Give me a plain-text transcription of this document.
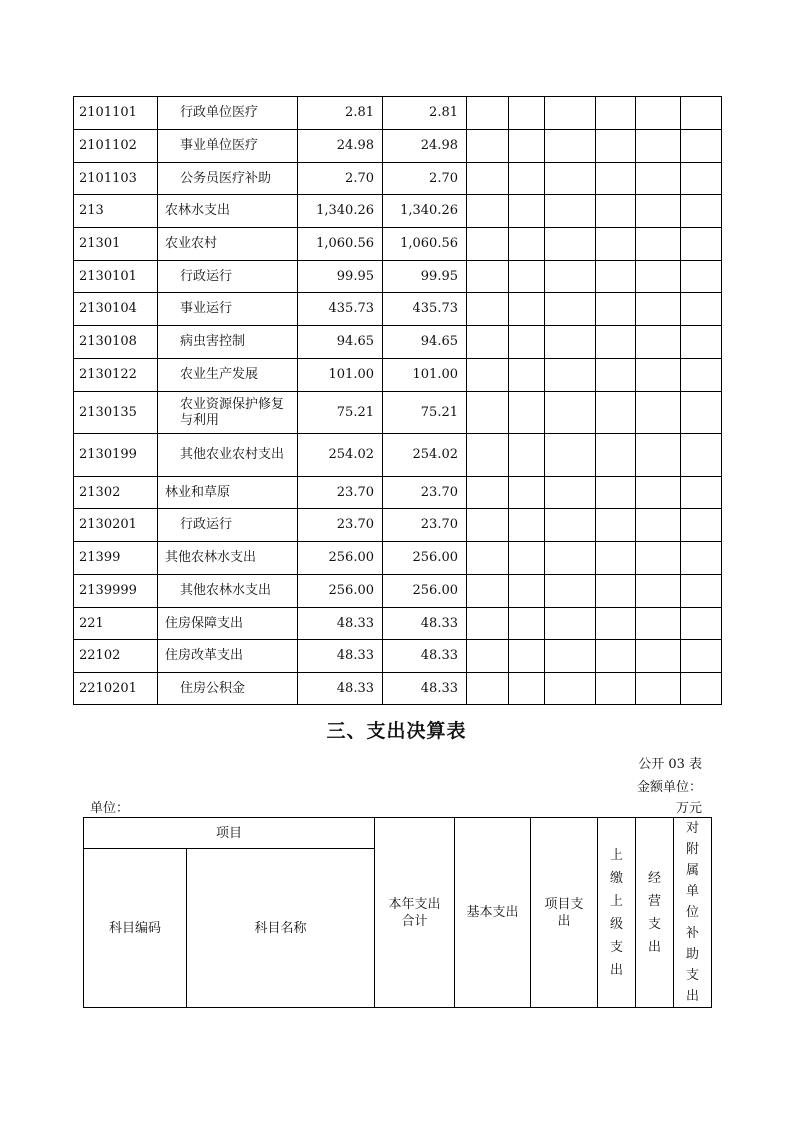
2101101	行政单位医疗	2.81	2.81						
2101102	事业单位医疗	24.98	24.98						
2101103	公务员医疗补助	2.70	2.70						
213	农林水支出	1,340.26	1,340.26						
21301	农业农村	1,060.56	1,060.56						
2130101	行政运行	99.95	99.95						
2130104	事业运行	435.73	435.73						
2130108	病虫害控制	94.65	94.65						
2130122	农业生产发展	101.00	101.00						
2130135	农业资源保护修复与利用	75.21	75.21						
2130199	其他农业农村支出	254.02	254.02						
21302	林业和草原	23.70	23.70						
2130201	行政运行	23.70	23.70						
21399	其他农林水支出	256.00	256.00						
2139999	其他农林水支出	256.00	256.00						
221	住房保障支出	48.33	48.33						
22102	住房改革支出	48.33	48.33						
2210201	住房公积金	48.33	48.33						
三、支出决算表
公开 03 表
金额单位：
万元
单位：
项目		本年支出合计	基本支出	项目支出	上缴上级支出	经营支出	对附属单位补助支出
科目编码	科目名称						
